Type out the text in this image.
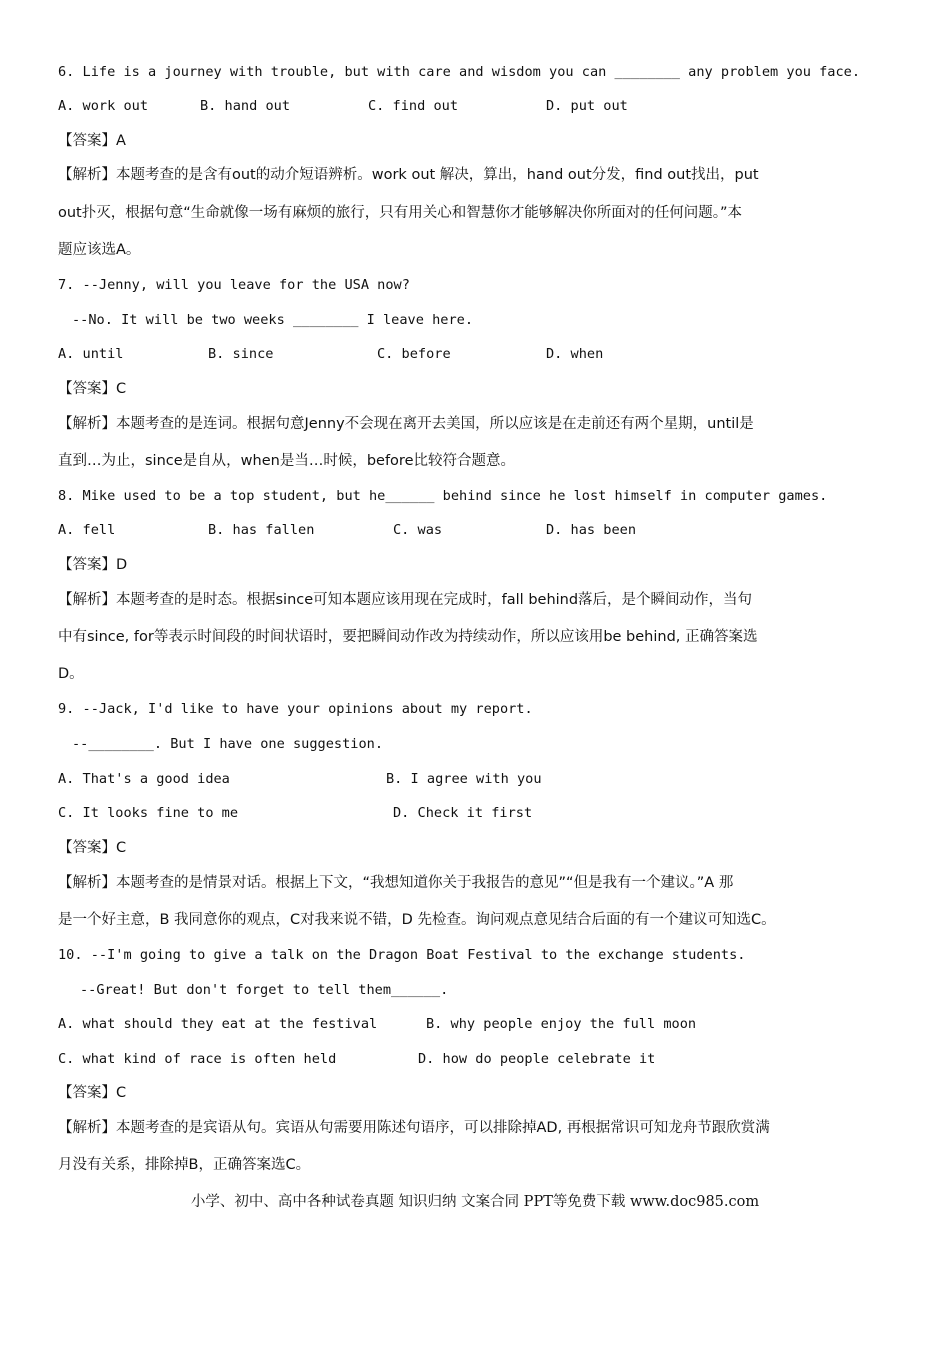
6. Life is a journey with trouble, but with care and wisdom you can ________ any problem you face.
A. work out	B. hand out	C. find out	D. put out
【答案】A
【解析】本题考查的是含有out的动介短语辨析。work out 解决，算出，hand out分发，find out找出，put
out扑灭，根据句意“生命就像一场有麻烦的旅行，只有用关心和智慧你才能够解决你所面对的任何问题。”本
题应该选A。
7. --Jenny, will you leave for the USA now?
--No. It will be two weeks ________ I leave here.
A. until	B. since	C. before	D. when
【答案】C
【解析】本题考查的是连词。根据句意Jenny不会现在离开去美国，所以应该是在走前还有两个星期，until是
直到…为止，since是自从，when是当…时候，before比较符合题意。
8. Mike used to be a top student, but he______ behind since he lost himself in computer games.
A. fell	B. has fallen	C. was	D. has been
【答案】D
【解析】本题考查的是时态。根据since可知本题应该用现在完成时，fall behind落后，是个瞬间动作，当句
中有since, for等表示时间段的时间状语时，要把瞬间动作改为持续动作，所以应该用be behind, 正确答案选
D。
9. --Jack, I'd like to have your opinions about my report.
--________. But I have one suggestion.
A. That's a good idea	B. I agree with you
C. It looks fine to me	D. Check it first
【答案】C
【解析】本题考查的是情景对话。根据上下文，“我想知道你关于我报告的意见”“但是我有一个建议。”A 那
是一个好主意，B 我同意你的观点，C对我来说不错，D 先检查。询问观点意见结合后面的有一个建议可知选C。
10. --I'm going to give a talk on the Dragon Boat Festival to the exchange students.
--Great! But don't forget to tell them______.
A. what should they eat at the festival	B. why people enjoy the full moon
C. what kind of race is often held	D. how do people celebrate it
【答案】C
【解析】本题考查的是宾语从句。宾语从句需要用陈述句语序，可以排除掉AD, 再根据常识可知龙舟节跟欣赏满
月没有关系，排除掉B，正确答案选C。
小学、初中、高中各种试卷真题 知识归纳 文案合同 PPT等免费下载 www.doc985.com
